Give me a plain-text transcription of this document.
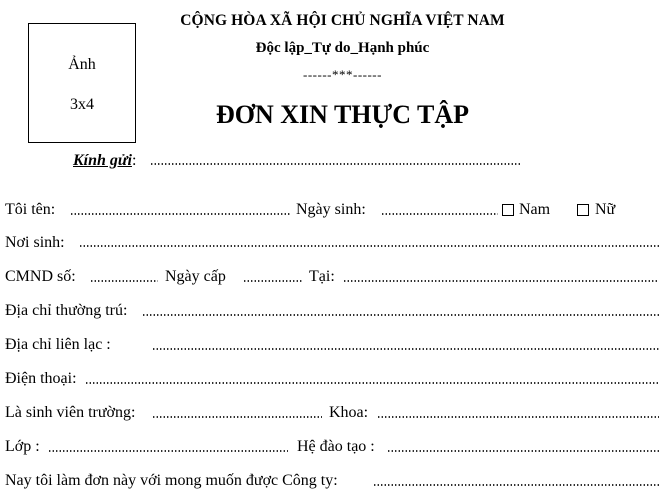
Ảnh
3x4
CỘNG HÒA XÃ HỘI CHỦ NGHĨA VIỆT NAM
Độc lập_Tự do_Hạnh phúc
------***------
ĐƠN XIN THỰC TẬP
Kính gửi:
Tôi tên:	Ngày sinh:	Nam	Nữ
Nơi sinh:
CMND số:	Ngày cấp	Tại:
Địa chỉ thường trú:
Địa chỉ liên lạc :
Điện thoại:
Là sinh viên trường:	Khoa:
Lớp :	Hệ đào tạo :
Nay tôi làm đơn này với mong muốn được Công ty:
